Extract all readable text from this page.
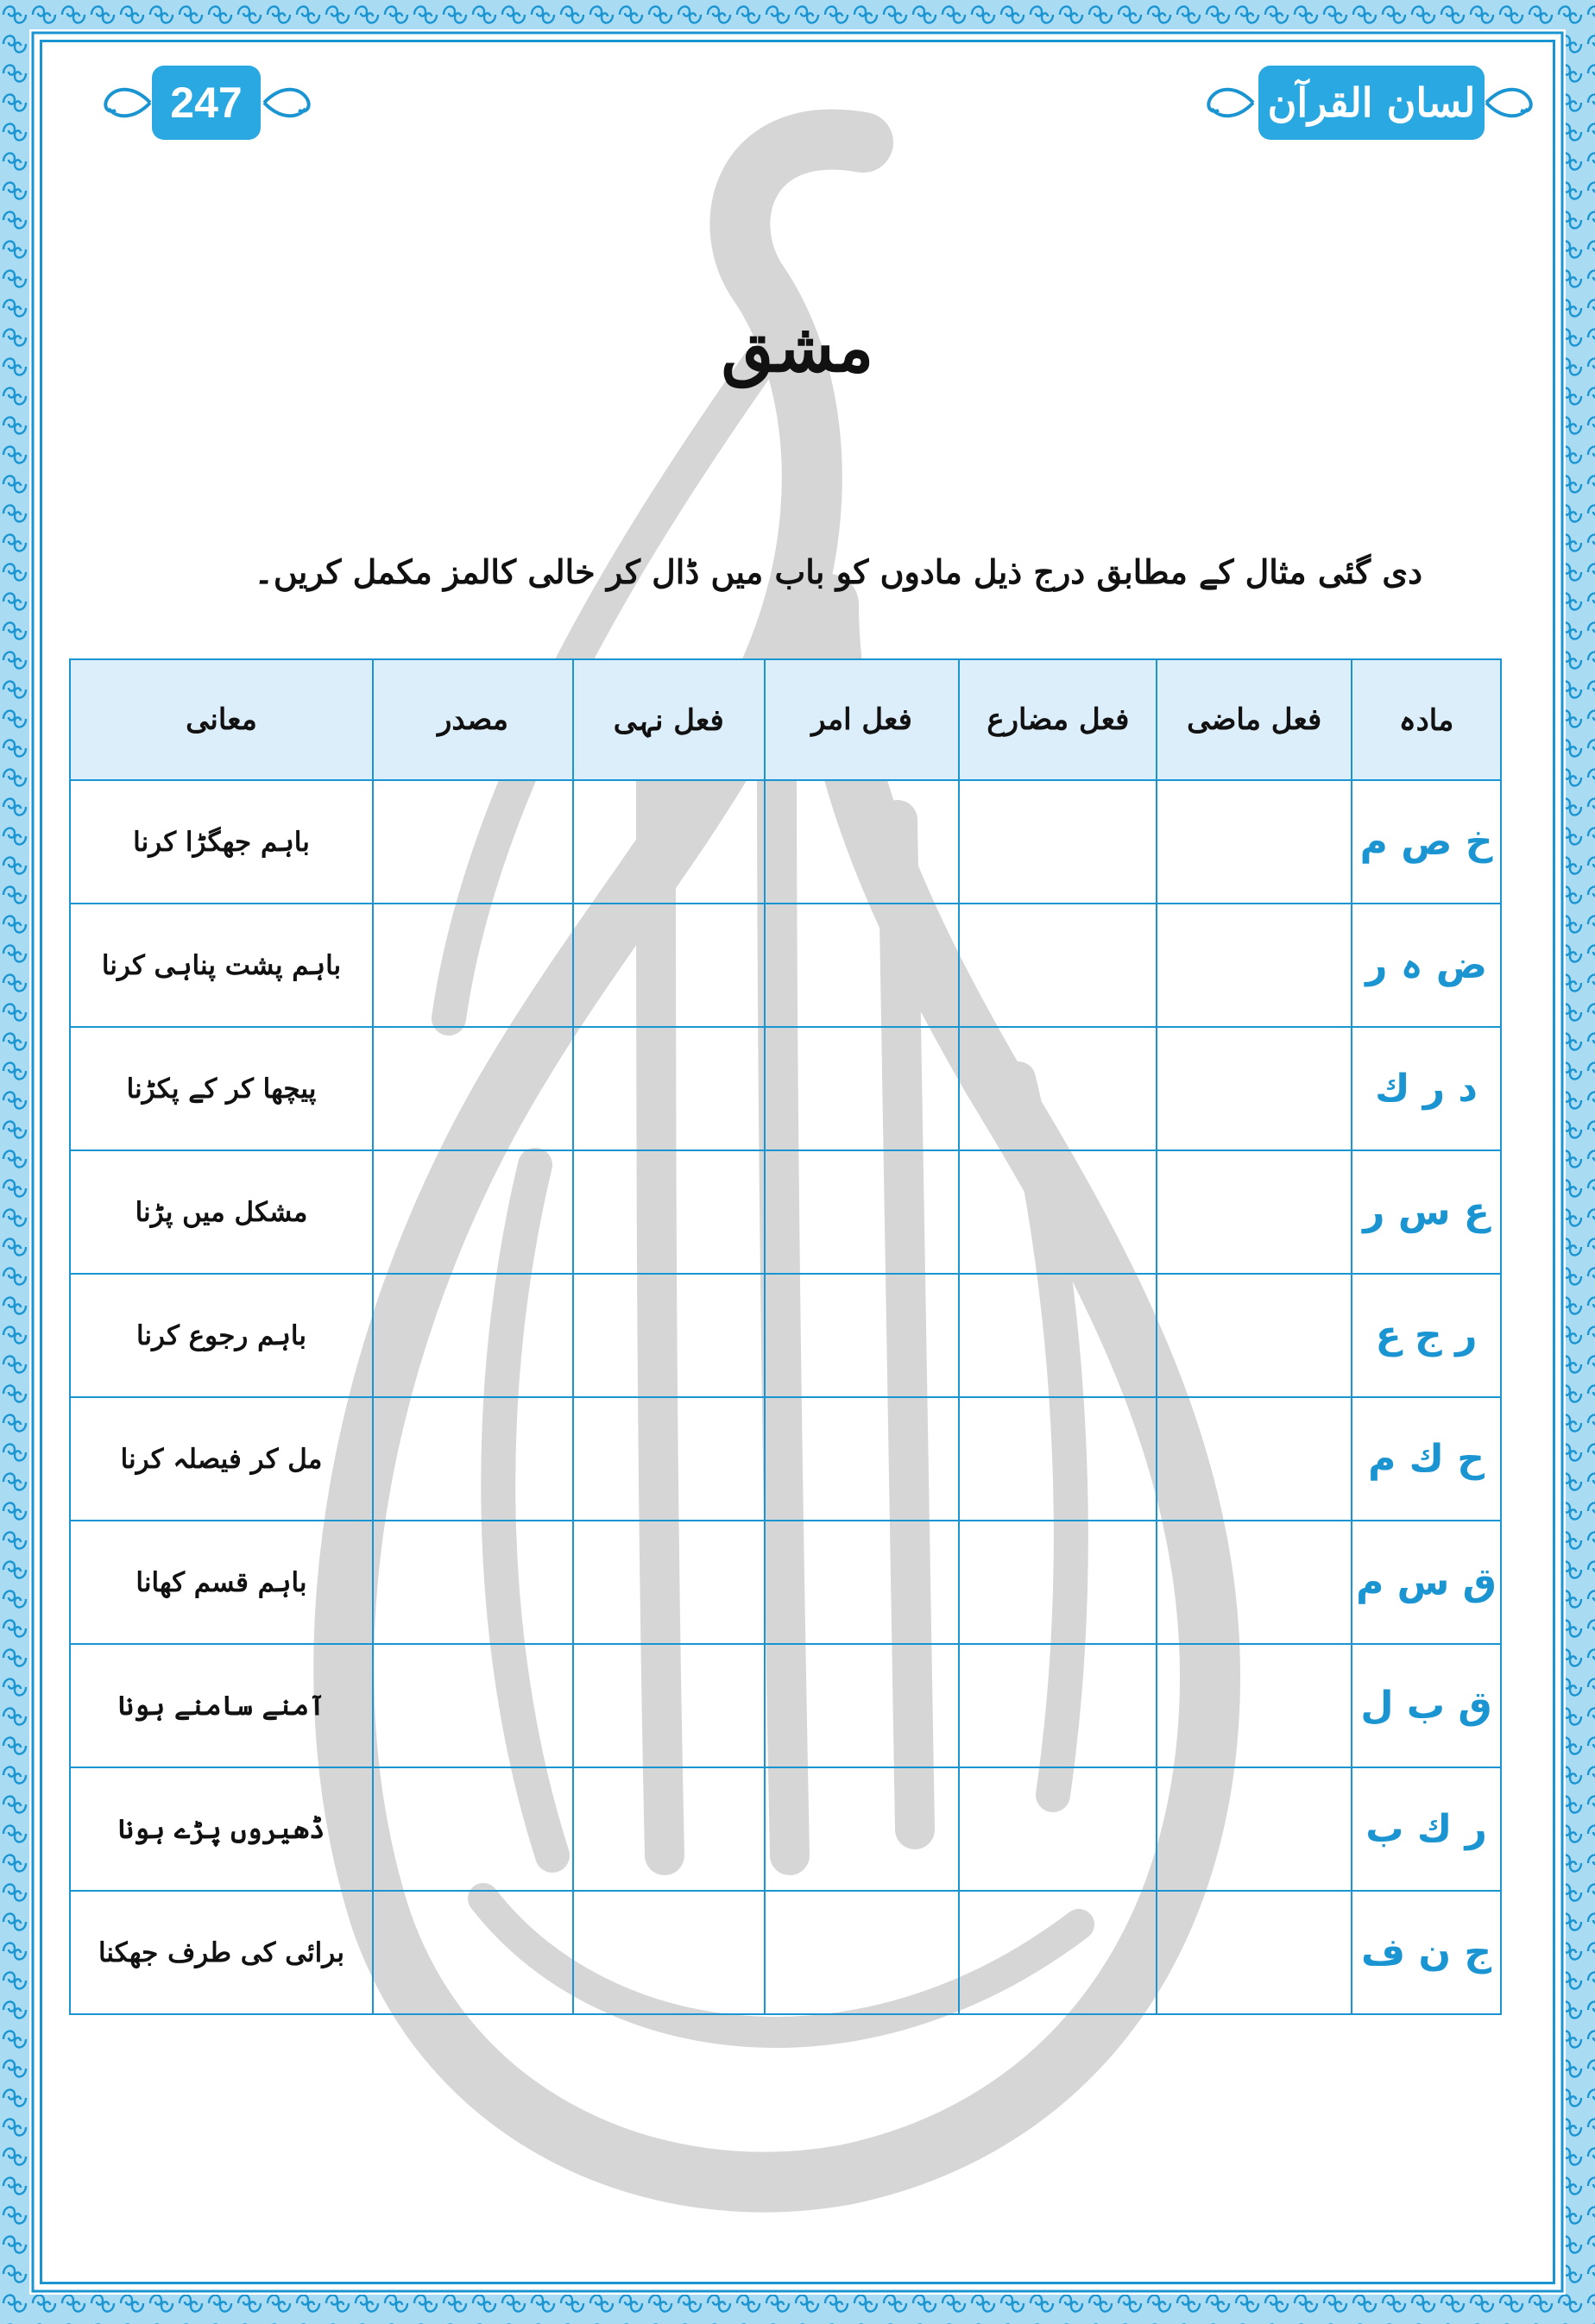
لسان القرآن
247
مشق
دی گئی مثال کے مطابق درج ذیل مادوں کو باب میں ڈال کر خالی کالمز مکمل کریں۔
مادہ	فعل ماضی	فعل مضارع	فعل امر	فعل نہی	مصدر	معانی
خ ص م						باہم جھگڑا کرنا
ض ہ ر						باہم پشت پناہی کرنا
د ر ك						پیچھا کر کے پکڑنا
ع س ر						مشکل میں پڑنا
ر ج ع						باہم رجوع کرنا
ح ك م						مل کر فیصلہ کرنا
ق س م						باہم قسم کھانا
ق ب ل						آمنے سامنے ہونا
ر ك ب						ڈھیروں پڑے ہونا
ج ن ف						برائی کی طرف جھکنا
